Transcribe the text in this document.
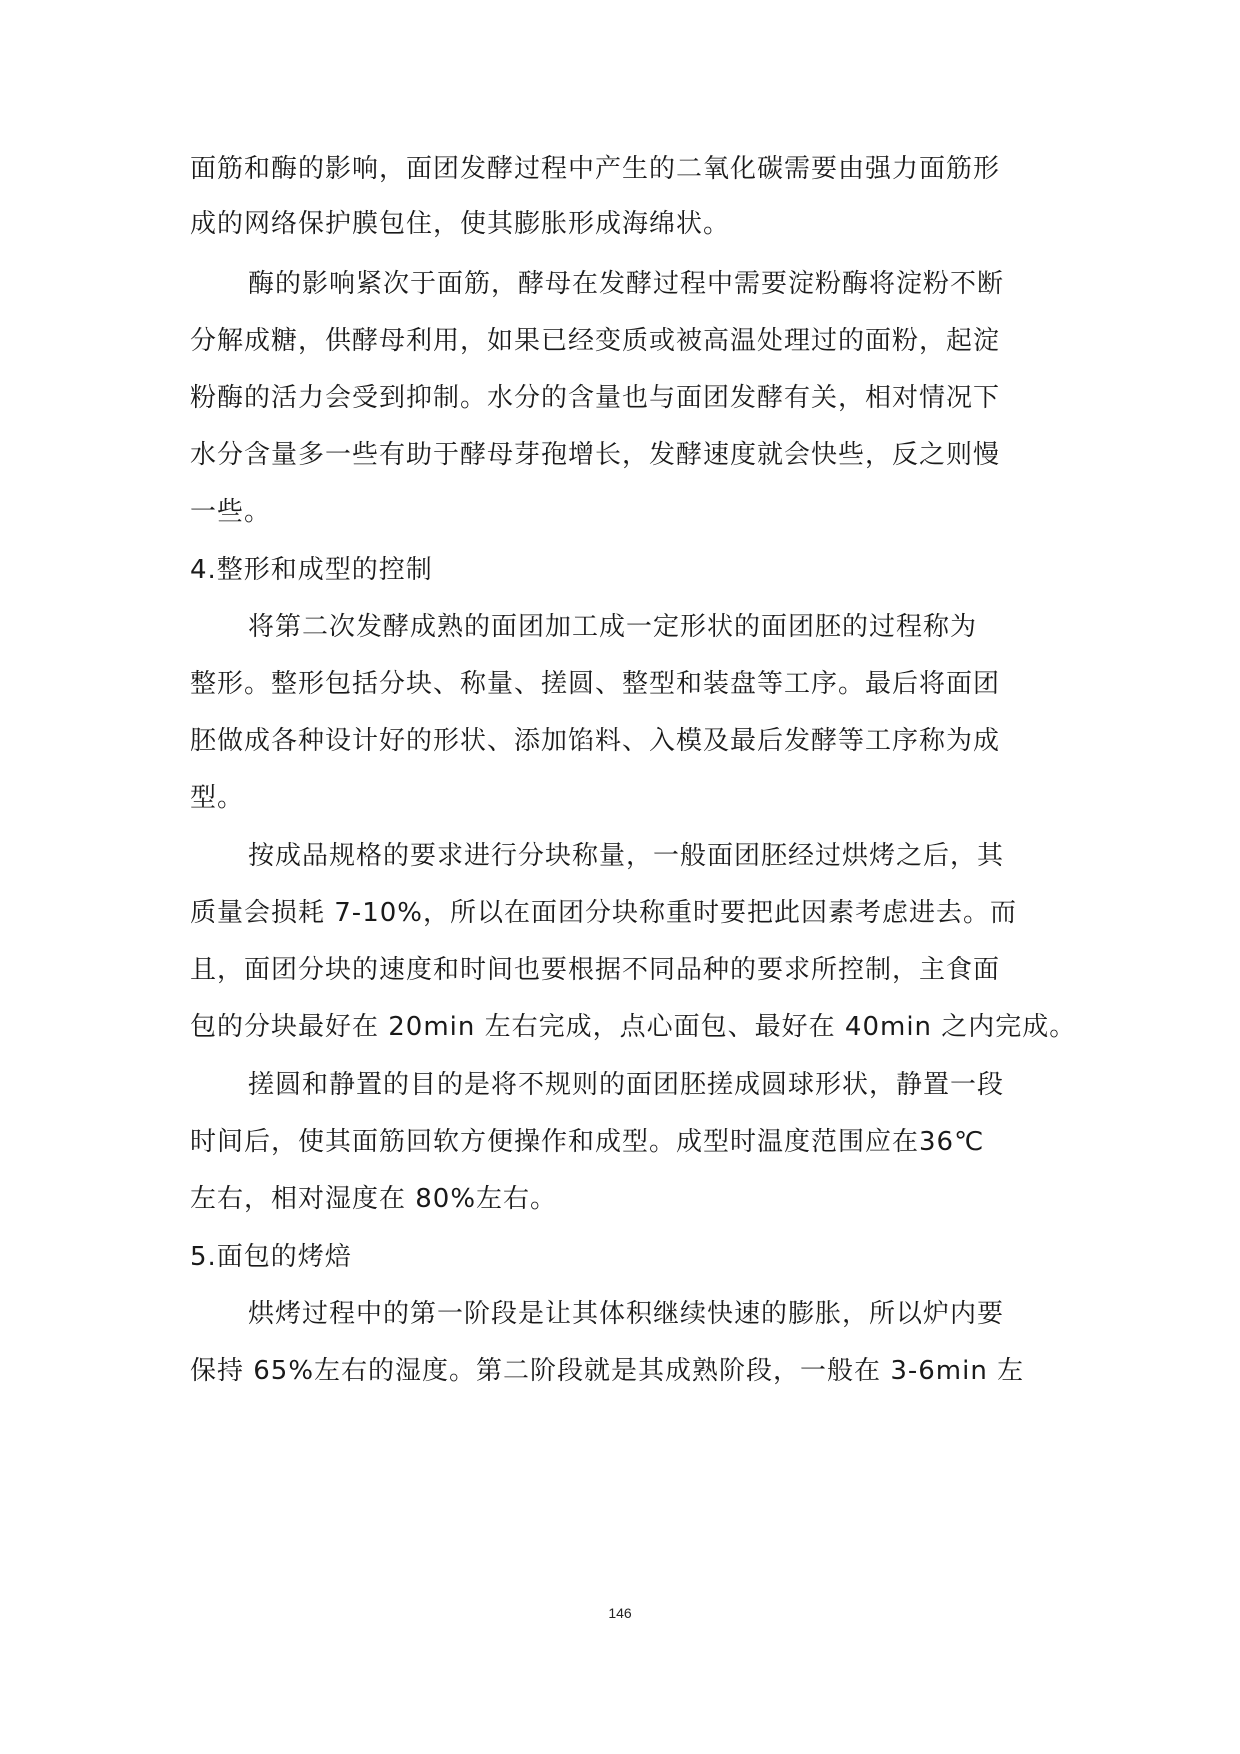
面筋和酶的影响，面团发酵过程中产生的二氧化碳需要由强力面筋形
成的网络保护膜包住，使其膨胀形成海绵状。
酶的影响紧次于面筋，酵母在发酵过程中需要淀粉酶将淀粉不断
分解成糖，供酵母利用，如果已经变质或被高温处理过的面粉，起淀
粉酶的活力会受到抑制。水分的含量也与面团发酵有关，相对情况下
水分含量多一些有助于酵母芽孢增长，发酵速度就会快些，反之则慢
一些。
4.整形和成型的控制
将第二次发酵成熟的面团加工成一定形状的面团胚的过程称为
整形。整形包括分块、称量、搓圆、整型和装盘等工序。最后将面团
胚做成各种设计好的形状、添加馅料、入模及最后发酵等工序称为成
型。
按成品规格的要求进行分块称量，一般面团胚经过烘烤之后，其
质量会损耗 7-10%，所以在面团分块称重时要把此因素考虑进去。而
且，面团分块的速度和时间也要根据不同品种的要求所控制，主食面
包的分块最好在 20min 左右完成，点心面包、最好在 40min 之内完成。
搓圆和静置的目的是将不规则的面团胚搓成圆球形状，静置一段
时间后，使其面筋回软方便操作和成型。成型时温度范围应在36℃
左右，相对湿度在 80%左右。
5.面包的烤焙
烘烤过程中的第一阶段是让其体积继续快速的膨胀，所以炉内要
保持 65%左右的湿度。第二阶段就是其成熟阶段，一般在 3-6min 左
146
